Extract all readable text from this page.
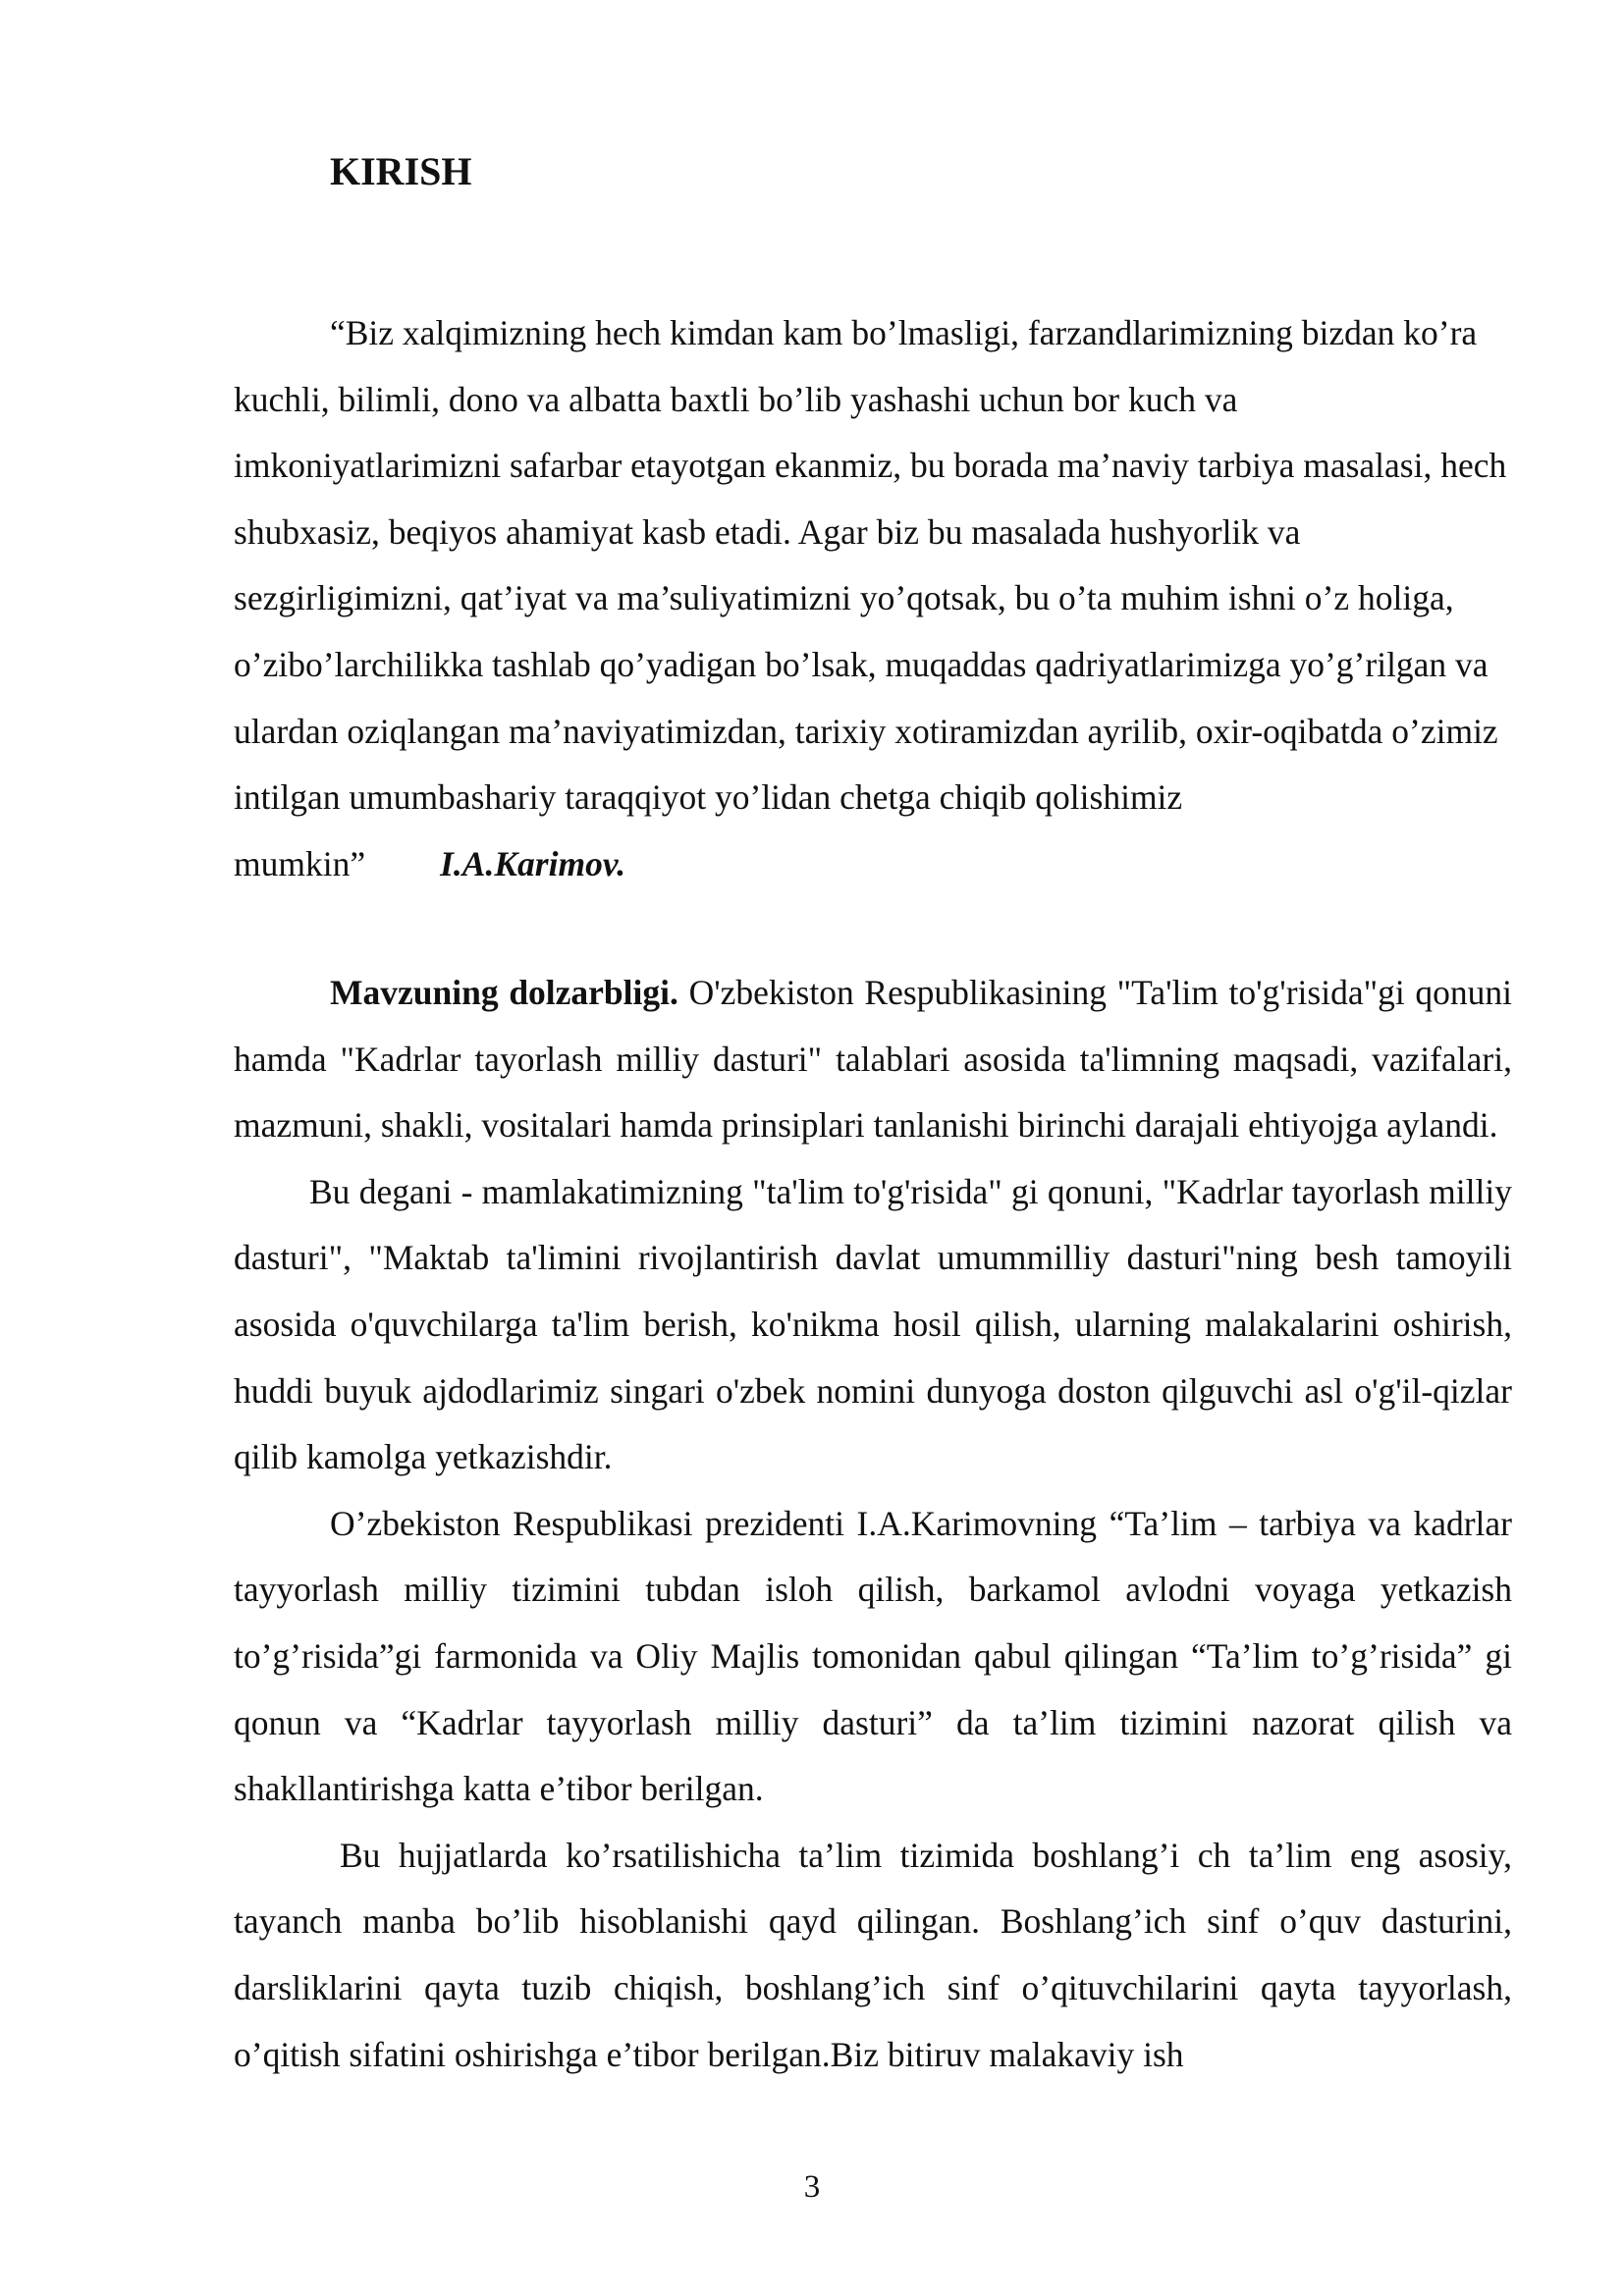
KIRISH

“Biz xalqimizning hech kimdan kam bo’lmasligi, farzandlarimizning bizdan ko’ra kuchli, bilimli, dono va albatta baxtli bo’lib yashashi uchun bor kuch va imkoniyatlarimizni safarbar etayotgan ekanmiz, bu borada ma’naviy tarbiya masalasi, hech shubxasiz, beqiyos ahamiyat kasb etadi. Agar biz bu masalada hushyorlik va sezgirligimizni, qat’iyat va ma’suliyatimizni yo’qotsak, bu o’ta muhim ishni o’z holiga, o’zibo’larchilikka tashlab qo’yadigan bo’lsak, muqaddas qadriyatlarimizga yo’g’rilgan va ulardan oziqlangan ma’naviyatimizdan, tarixiy xotiramizdan ayrilib, oxir-oqibatda o’zimiz intilgan umumbashariy taraqqiyot yo’lidan chetga chiqib qolishimiz mumkin” I.A.Karimov.

Mavzuning dolzarbligi. O'zbekiston Respublikasining "Ta'lim to'g'risida"gi qonuni hamda "Kadrlar tayorlash milliy dasturi" talablari asosida ta'limning maqsadi, vazifalari, mazmuni, shakli, vositalari hamda prinsiplari tanlanishi birinchi darajali ehtiyojga aylandi.

Bu degani - mamlakatimizning "ta'lim to'g'risida" gi qonuni, "Kadrlar tayorlash milliy dasturi", "Maktab ta'limini rivojlantirish davlat umummilliy dasturi"ning besh tamoyili asosida o'quvchilarga ta'lim berish, ko'nikma hosil qilish, ularning malakalarini oshirish, huddi buyuk ajdodlarimiz singari o'zbek nomini dunyoga doston qilguvchi asl o'g'il-qizlar qilib kamolga yetkazishdir.

O’zbekiston Respublikasi prezidenti I.A.Karimovning “Ta’lim – tarbiya va kadrlar tayyorlash milliy tizimini tubdan isloh qilish, barkamol avlodni voyaga yetkazish to’g’risida”gi farmonida va Oliy Majlis tomonidan qabul qilingan “Ta’lim to’g’risida” gi qonun va “Kadrlar tayyorlash milliy dasturi” da ta’lim tizimini nazorat qilish va shakllantirishga katta e’tibor berilgan.

Bu hujjatlarda ko’rsatilishicha ta’lim tizimida boshlang’i ch ta’lim eng asosiy, tayanch manba bo’lib hisoblanishi qayd qilingan. Boshlang’ich sinf o’quv dasturini, darsliklarini qayta tuzib chiqish, boshlang’ich sinf o’qituvchilarini qayta tayyorlash, o’qitish sifatini oshirishga e’tibor berilgan.Biz bitiruv malakaviy ish

3
